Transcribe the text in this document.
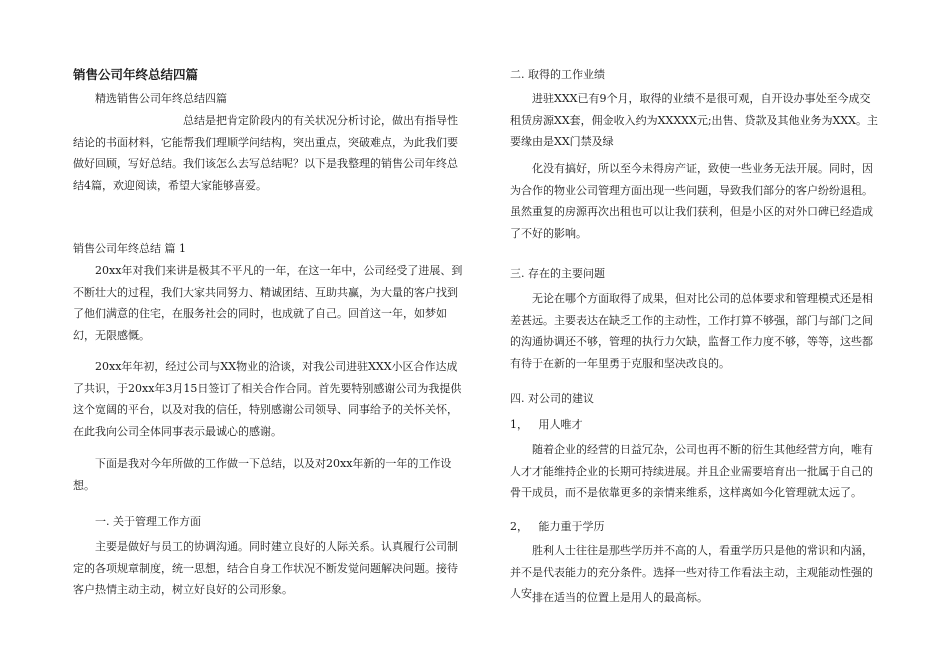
销售公司年终总结四篇
精选销售公司年终总结四篇

总结是把肯定阶段内的有关状况分析讨论，做出有指导性结论的书面材料，它能帮我们理顺学问结构，突出重点，突破难点，为此我们要做好回顾，写好总结。我们该怎么去写总结呢？以下是我整理的销售公司年终总结4篇，欢迎阅读，希望大家能够喜爱。

销售公司年终总结 篇 1

20xx年对我们来讲是极其不平凡的一年，在这一年中，公司经受了进展、到不断壮大的过程，我们大家共同努力、精诚团结、互助共赢，为大量的客户找到了他们满意的住宅，在服务社会的同时，也成就了自己。回首这一年，如梦如幻，无限感慨。

20xx年年初，经过公司与XX物业的洽谈，对我公司进驻XXX小区合作达成了共识，于20xx年3月15日签订了相关合作合同。首先要特别感谢公司为我提供这个宽阔的平台，以及对我的信任，特别感谢公司领导、同事给予的关怀关怀，在此我向公司全体同事表示最诚心的感谢。

下面是我对今年所做的工作做一下总结，以及对20xx年新的一年的工作设想。

一. 关于管理工作方面

主要是做好与员工的协调沟通。同时建立良好的人际关系。认真履行公司制定的各项规章制度，统一思想，结合自身工作状况不断发觉问题解决问题。接待客户热情主动主动，树立好良好的公司形象。

二. 取得的工作业绩

进驻XXX已有9个月，取得的业绩不是很可观，自开设办事处至今成交租赁房源XX套，佣金收入约为XXXXX元;出售、贷款及其他业务为XXX。主要缘由是XX门禁及绿

化没有搞好，所以至今未得房产证，致使一些业务无法开展。同时，因为合作的物业公司管理方面出现一些问题，导致我们部分的客户纷纷退租。虽然重复的房源再次出租也可以让我们获利，但是小区的对外口碑已经造成了不好的影响。

三. 存在的主要问题

无论在哪个方面取得了成果，但对比公司的总体要求和管理模式还是相差甚远。主要表达在缺乏工作的主动性，工作打算不够强，部门与部门之间的沟通协调还不够，管理的执行力欠缺，监督工作力度不够，等等，这些都有待于在新的一年里勇于克服和坚决改良的。

四. 对公司的建议
1，   用人唯才

随着企业的经营的日益冗杂，公司也再不断的衍生其他经营方向，唯有人才才能维持企业的长期可持续进展。并且企业需要培育出一批属于自己的骨干成员，而不是依靠更多的亲情来维系，这样离如今化管理就太远了。

2，   能力重于学历

胜利人士往往是那些学历并不高的人，看重学历只是他的常识和内涵，并不是代表能力的充分条件。选择一些对待工作看法主动，主观能动性强的人安 排在适当的位置上是用人的最高标。
